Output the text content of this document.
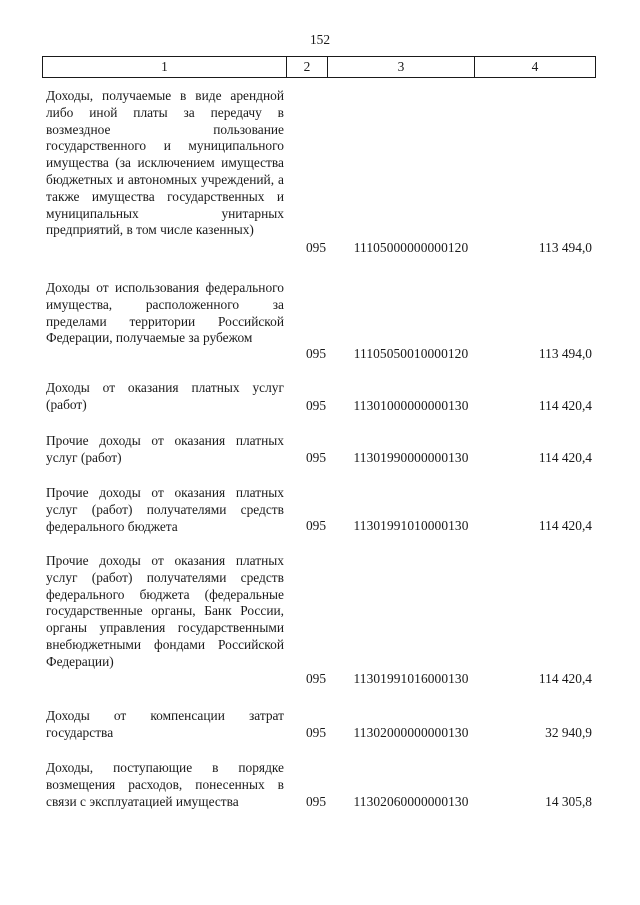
152
1	2	3	4
Доходы, получаемые в виде арендной либо иной платы за передачу в возмездное пользование государственного и муниципального имущества (за исключением имущества бюджетных и автономных учреждений, а также имущества государственных и муниципальных унитарных предприятий, в том числе казенных)
095	11105000000000120	113 494,0
Доходы от использования федерального имущества, расположенного за пределами территории Российской Федерации, получаемые за рубежом
095	11105050010000120	113 494,0
Доходы от оказания платных услуг (работ)	095	11301000000000130	114 420,4
Прочие доходы от оказания платных услуг (работ)	095	11301990000000130	114 420,4
Прочие доходы от оказания платных услуг (работ) получателями средств федерального бюджета	095	11301991010000130	114 420,4
Прочие доходы от оказания платных услуг (работ) получателями средств федерального бюджета (федеральные государственные органы, Банк России, органы управления государственными внебюджетными фондами Российской Федерации)
095	11301991016000130	114 420,4
Доходы от компенсации затрат государства	095	11302000000000130	32 940,9
Доходы, поступающие в порядке возмещения расходов, понесенных в связи с эксплуатацией имущества	095	11302060000000130	14 305,8
